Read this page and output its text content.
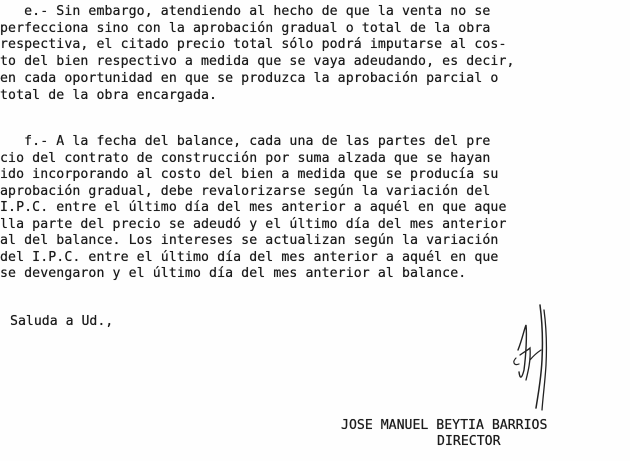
e.- Sin embargo, atendiendo al hecho de que la venta no se
perfecciona sino con la aprobación gradual o total de la obra
respectiva, el citado precio total sólo podrá imputarse al cos-
to del bien respectivo a medida que se vaya adeudando, es decir,
en cada oportunidad en que se produzca la aprobación parcial o
total de la obra encargada.
f.- A la fecha del balance, cada una de las partes del pre
cio del contrato de construcción por suma alzada que se hayan
ido incorporando al costo del bien a medida que se producía su
aprobación gradual, debe revalorizarse según la variación del
I.P.C. entre el último día del mes anterior a aquél en que aque
lla parte del precio se adeudó y el último día del mes anterior
al del balance. Los intereses se actualizan según la variación
del I.P.C. entre el último día del mes anterior a aquél en que
se devengaron y el último día del mes anterior al balance.
Saluda a Ud.,
JOSE MANUEL BEYTIA BARRIOS
DIRECTOR
